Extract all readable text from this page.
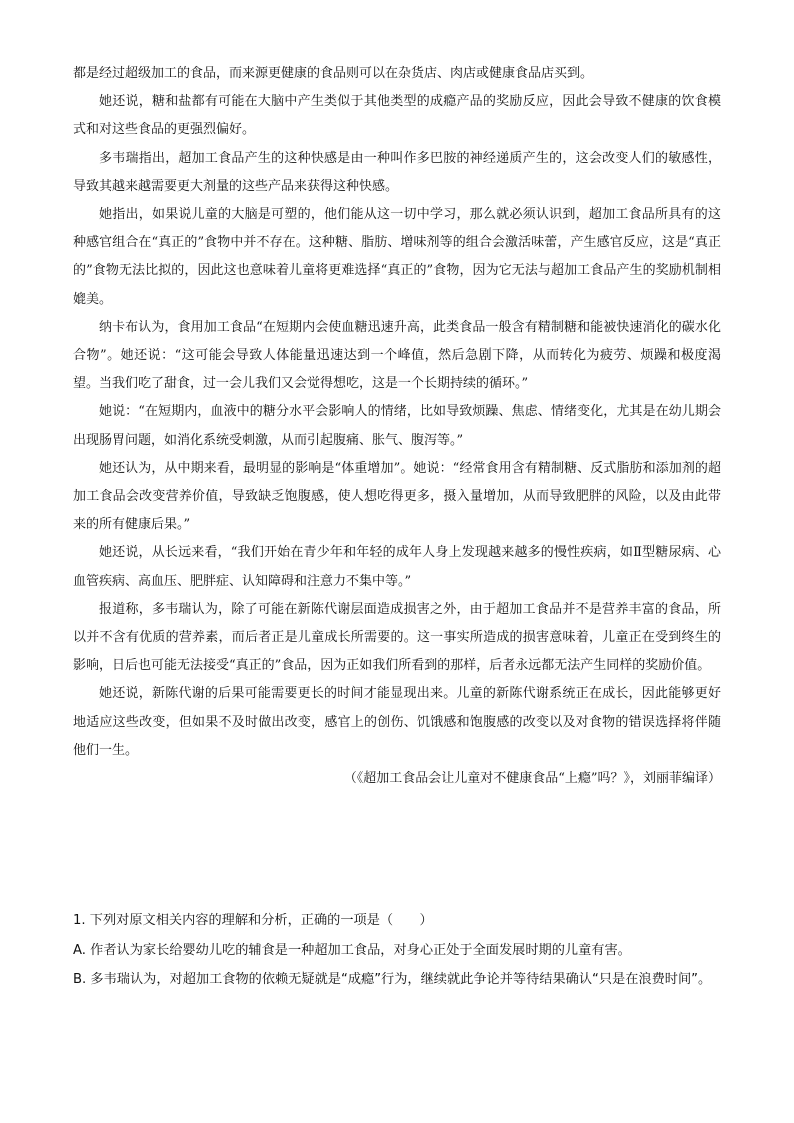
都是经过超级加工的食品，而来源更健康的食品则可以在杂货店、肉店或健康食品店买到。

她还说，糖和盐都有可能在大脑中产生类似于其他类型的成瘾产品的奖励反应，因此会导致不健康的饮食模式和对这些食品的更强烈偏好。

多韦瑞指出，超加工食品产生的这种快感是由一种叫作多巴胺的神经递质产生的，这会改变人们的敏感性，导致其越来越需要更大剂量的这些产品来获得这种快感。

她指出，如果说儿童的大脑是可塑的，他们能从这一切中学习，那么就必须认识到，超加工食品所具有的这种感官组合在“真正的”食物中并不存在。这种糖、脂肪、增味剂等的组合会激活味蕾，产生感官反应，这是“真正的”食物无法比拟的，因此这也意味着儿童将更难选择“真正的”食物，因为它无法与超加工食品产生的奖励机制相媲美。

纳卡布认为，食用加工食品“在短期内会使血糖迅速升高，此类食品一般含有精制糖和能被快速消化的碳水化合物”。她还说：“这可能会导致人体能量迅速达到一个峰值，然后急剧下降，从而转化为疲劳、烦躁和极度渴望。当我们吃了甜食，过一会儿我们又会觉得想吃，这是一个长期持续的循环。”

她说：“在短期内，血液中的糖分水平会影响人的情绪，比如导致烦躁、焦虑、情绪变化，尤其是在幼儿期会出现肠胃问题，如消化系统受刺激，从而引起腹痛、胀气、腹泻等。”

她还认为，从中期来看，最明显的影响是“体重增加”。她说：“经常食用含有精制糖、反式脂肪和添加剂的超加工食品会改变营养价值，导致缺乏饱腹感，使人想吃得更多，摄入量增加，从而导致肥胖的风险，以及由此带来的所有健康后果。”

她还说，从长远来看，“我们开始在青少年和年轻的成年人身上发现越来越多的慢性疾病，如Ⅱ型糖尿病、心血管疾病、高血压、肥胖症、认知障碍和注意力不集中等。”

报道称，多韦瑞认为，除了可能在新陈代谢层面造成损害之外，由于超加工食品并不是营养丰富的食品，所以并不含有优质的营养素，而后者正是儿童成长所需要的。这一事实所造成的损害意味着，儿童正在受到终生的影响，日后也可能无法接受“真正的”食品，因为正如我们所看到的那样，后者永远都无法产生同样的奖励价值。

她还说，新陈代谢的后果可能需要更长的时间才能显现出来。儿童的新陈代谢系统正在成长，因此能够更好地适应这些改变，但如果不及时做出改变，感官上的创伤、饥饿感和饱腹感的改变以及对食物的错误选择将伴随他们一生。

（《超加工食品会让儿童对不健康食品“上瘾”吗？》，刘丽菲编译）

1. 下列对原文相关内容的理解和分析，正确的一项是（　　）

A. 作者认为家长给婴幼儿吃的辅食是一种超加工食品，对身心正处于全面发展时期的儿童有害。

B. 多韦瑞认为，对超加工食物的依赖无疑就是“成瘾”行为，继续就此争论并等待结果确认“只是在浪费时间”。
